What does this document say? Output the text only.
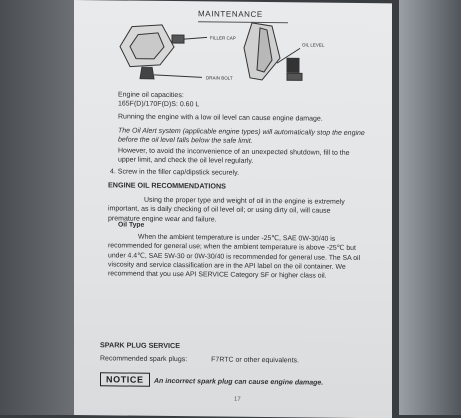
MAINTENANCE
FILLER CAP
OIL LEVEL
DRAIN BOLT
Engine oil capacities:
165F(D)/170F(D)S: 0.60 L
Running the engine with a low oil level can cause engine damage.
The Oil Alert system (applicable engine types) will automatically stop the engine before the oil level falls below the safe limit.
However, to avoid the inconvenience of an unexpected shutdown, fill to the upper limit, and check the oil level regularly.
4. Screw in the filler cap/dipstick securely.
ENGINE OIL RECOMMENDATIONS
Using the proper type and weight of oil in the engine is extremely important, as is daily checking of oil level oil; or using dirty oil, will cause premature engine wear and failure.
Oil Type
When the ambient temperature is under -25℃, SAE 0W-30/40 is recommended for general use; when the ambient temperature is above -25℃ but under 4.4℃, SAE 5W-30 or 0W-30/40 is recommended for general use. The SA oil viscosity and service classification are in the API label on the oil container. We recommend that you use API SERVICE Category SF or higher class oil.
SPARK PLUG SERVICE
Recommended spark plugs:	F7RTC or other equivalents.
NOTICE	An incorrect spark plug can cause engine damage.
17
